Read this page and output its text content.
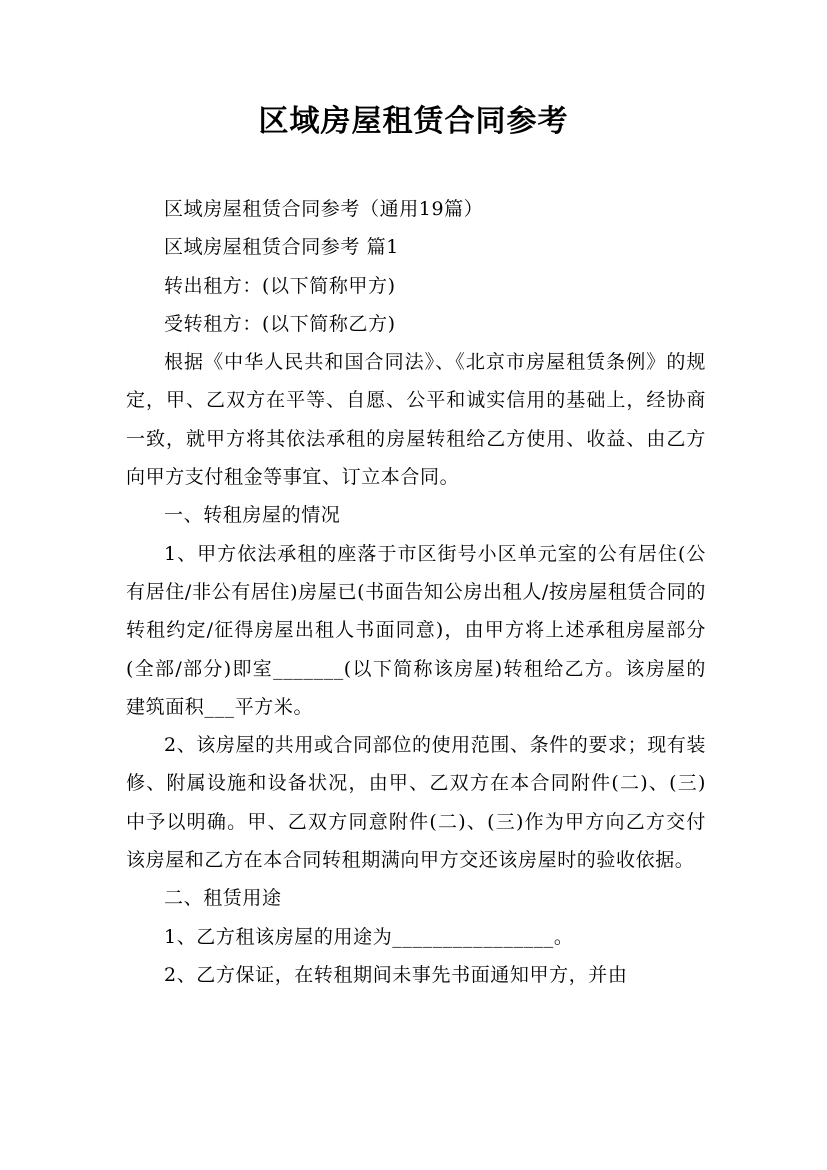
区域房屋租赁合同参考

区域房屋租赁合同参考（通用19篇）

区域房屋租赁合同参考 篇1

转出租方：(以下简称甲方)

受转租方：(以下简称乙方)

根据《中华人民共和国合同法》、《北京市房屋租赁条例》的规定，甲、乙双方在平等、自愿、公平和诚实信用的基础上，经协商一致，就甲方将其依法承租的房屋转租给乙方使用、收益、由乙方向甲方支付租金等事宜、订立本合同。

一、转租房屋的情况

1、甲方依法承租的座落于市区街号小区单元室的公有居住(公有居住/非公有居住)房屋已(书面告知公房出租人/按房屋租赁合同的转租约定/征得房屋出租人书面同意)，由甲方将上述承租房屋部分(全部/部分)即室_______(以下简称该房屋)转租给乙方。该房屋的建筑面积___平方米。

2、该房屋的共用或合同部位的使用范围、条件的要求；现有装修、附属设施和设备状况，由甲、乙双方在本合同附件(二)、(三)中予以明确。甲、乙双方同意附件(二)、(三)作为甲方向乙方交付该房屋和乙方在本合同转租期满向甲方交还该房屋时的验收依据。

二、租赁用途

1、乙方租该房屋的用途为________________。

2、乙方保证，在转租期间未事先书面通知甲方，并由
